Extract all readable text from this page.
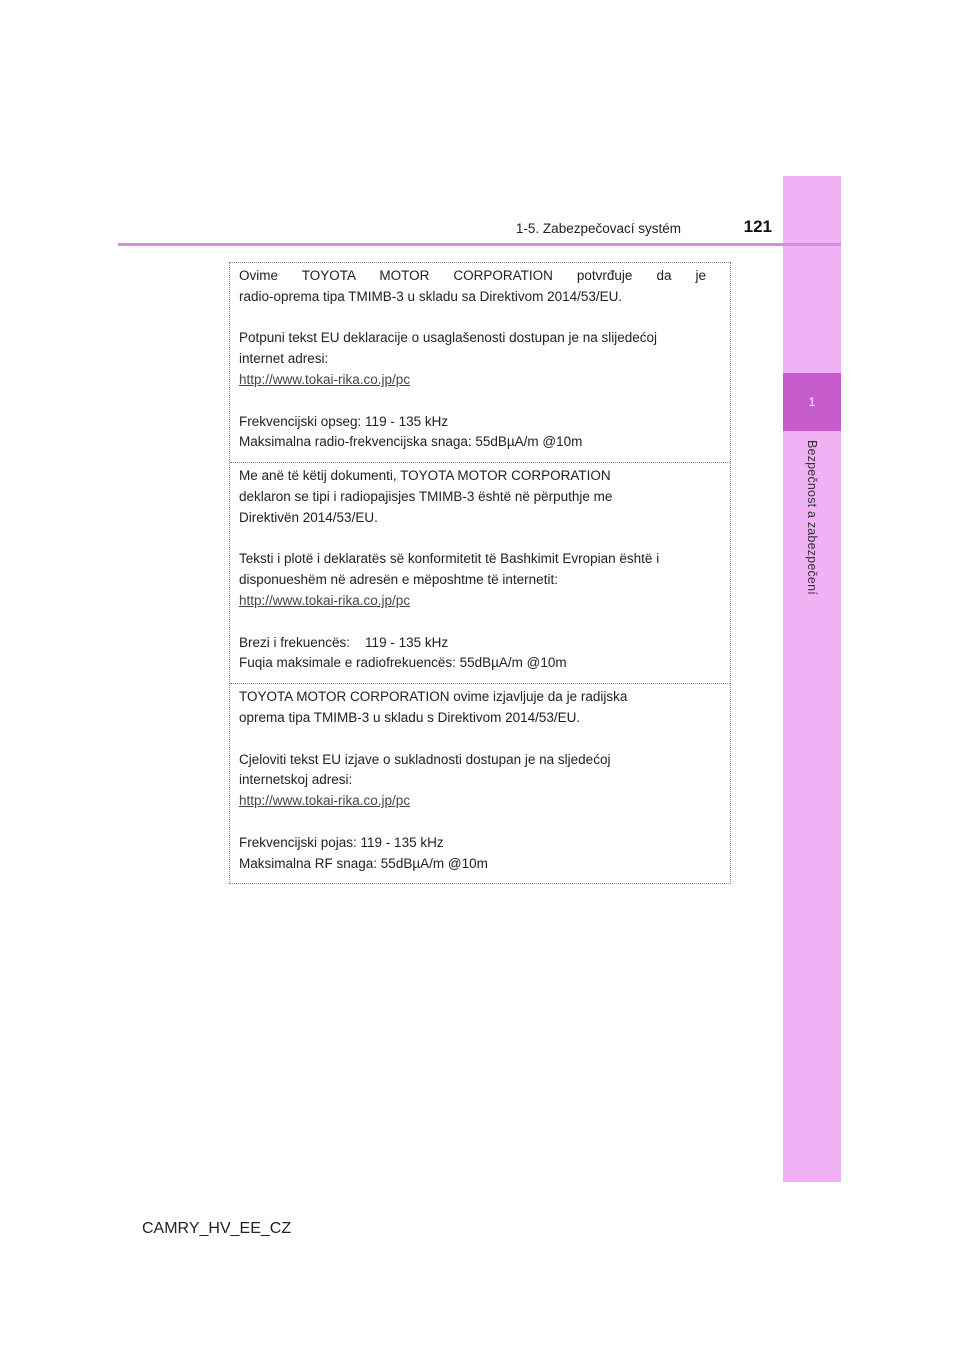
1
Bezpečnost a zabezpečení
1-5. Zabezpečovací systém	121

Ovime TOYOTA MOTOR CORPORATION potvrđuje da je

radio-oprema tipa TMIMB-3 u skladu sa Direktivom 2014/53/EU.

Potpuni tekst EU deklaracije o usaglašenosti dostupan je na slijedećoj

internet adresi:

http://www.tokai-rika.co.jp/pc

Frekvencijski opseg: 119 - 135 kHz

Maksimalna radio-frekvencijska snaga: 55dBµA/m @10m

Me anë të këtij dokumenti, TOYOTA MOTOR CORPORATION

deklaron se tipi i radiopajisjes TMIMB-3 është në përputhje me

Direktivën 2014/53/EU.

Teksti i plotë i deklaratës së konformitetit të Bashkimit Evropian është i

disponueshëm në adresën e mëposhtme të internetit:

http://www.tokai-rika.co.jp/pc

Brezi i frekuencës:    119 - 135 kHz

Fuqia maksimale e radiofrekuencës: 55dBµA/m @10m

TOYOTA MOTOR CORPORATION ovime izjavljuje da je radijska

oprema tipa TMIMB-3 u skladu s Direktivom 2014/53/EU.

Cjeloviti tekst EU izjave o sukladnosti dostupan je na sljedećoj

internetskoj adresi:

http://www.tokai-rika.co.jp/pc

Frekvencijski pojas: 119 - 135 kHz

Maksimalna RF snaga: 55dBµA/m @10m

CAMRY_HV_EE_CZ
